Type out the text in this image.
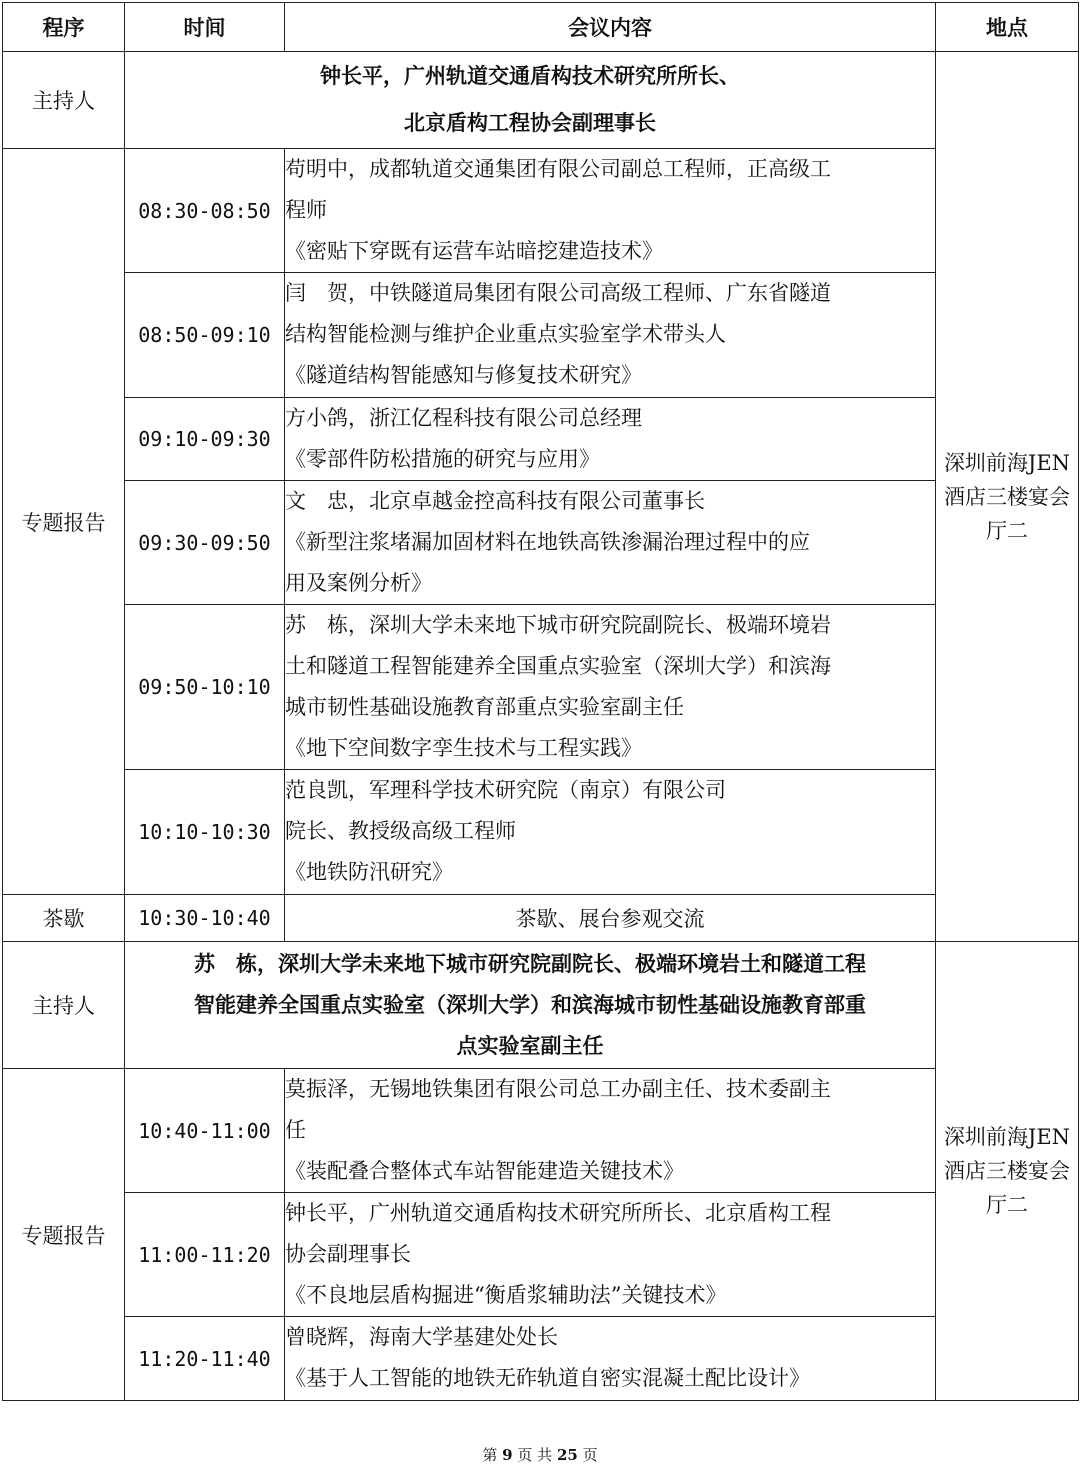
程序	时间	会议内容	地点
主持人	钟长平，广州轨道交通盾构技术研究所所长、
北京盾构工程协会副理事长		深圳前海JEN酒店三楼宴会厅二
专题报告	08:30-08:50	苟明中，成都轨道交通集团有限公司副总工程师，正高级工
程师
《密贴下穿既有运营车站暗挖建造技术》	

	08:50-09:10	闫　贺，中铁隧道局集团有限公司高级工程师、广东省隧道
结构智能检测与维护企业重点实验室学术带头人
《隧道结构智能感知与修复技术研究》	

	09:10-09:30	方小鸽，浙江亿程科技有限公司总经理
《零部件防松措施的研究与应用》	

	09:30-09:50	文　忠，北京卓越金控高科技有限公司董事长
《新型注浆堵漏加固材料在地铁高铁渗漏治理过程中的应
用及案例分析》	

	09:50-10:10	苏　栋，深圳大学未来地下城市研究院副院长、极端环境岩
土和隧道工程智能建养全国重点实验室（深圳大学）和滨海
城市韧性基础设施教育部重点实验室副主任
《地下空间数字孪生技术与工程实践》	

	10:10-10:30	范良凯，军理科学技术研究院（南京）有限公司
院长、教授级高级工程师
《地铁防汛研究》	

茶歇	10:30-10:40	茶歇、展台参观交流	
主持人	苏　栋，深圳大学未来地下城市研究院副院长、极端环境岩土和隧道工程
智能建养全国重点实验室（深圳大学）和滨海城市韧性基础设施教育部重
点实验室副主任		深圳前海JEN酒店三楼宴会厅二
专题报告	10:40-11:00	莫振泽，无锡地铁集团有限公司总工办副主任、技术委副主
任
《装配叠合整体式车站智能建造关键技术》	

	11:00-11:20	钟长平，广州轨道交通盾构技术研究所所长、北京盾构工程
协会副理事长
《不良地层盾构掘进“衡盾浆辅助法”关键技术》	

	11:20-11:40	曾晓辉，海南大学基建处处长
《基于人工智能的地铁无砟轨道自密实混凝土配比设计》	
第 9 页 共 25 页
